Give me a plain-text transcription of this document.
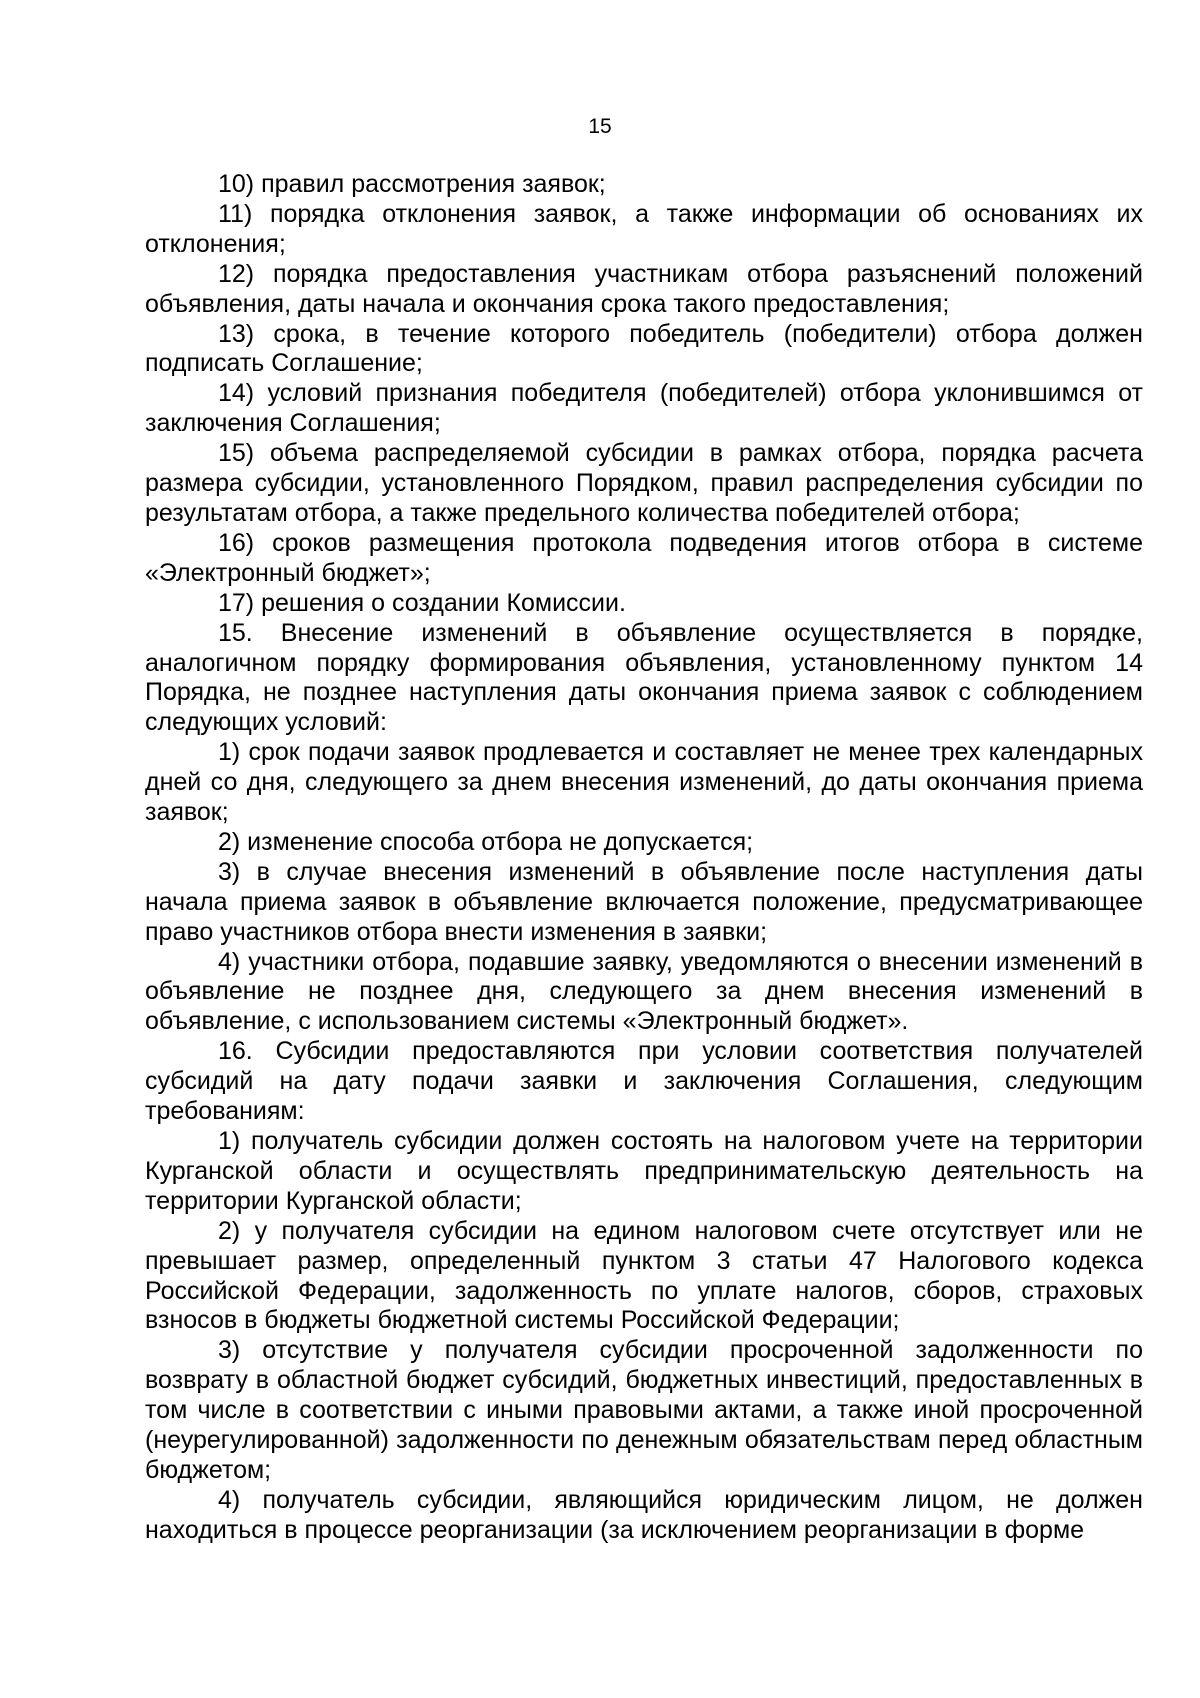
15

10) правил рассмотрения заявок;

11) порядка отклонения заявок, а также информации об основаниях их отклонения;

12) порядка предоставления участникам отбора разъяснений положений объявления, даты начала и окончания срока такого предоставления;

13) срока, в течение которого победитель (победители) отбора должен подписать Соглашение;

14) условий признания победителя (победителей) отбора уклонившимся от заключения Соглашения;

15) объема распределяемой субсидии в рамках отбора, порядка расчета размера субсидии, установленного Порядком, правил распределения субсидии по результатам отбора, а также предельного количества победителей отбора;

16) сроков размещения протокола подведения итогов отбора в системе «Электронный бюджет»;

17) решения о создании Комиссии.

15. Внесение изменений в объявление осуществляется в порядке, аналогичном порядку формирования объявления, установленному пунктом 14 Порядка, не позднее наступления даты окончания приема заявок с соблюдением следующих условий:

1) срок подачи заявок продлевается и составляет не менее трех календарных дней со дня, следующего за днем внесения изменений, до даты окончания приема заявок;

2) изменение способа отбора не допускается;

3) в случае внесения изменений в объявление после наступления даты начала приема заявок в объявление включается положение, предусматривающее право участников отбора внести изменения в заявки;

4) участники отбора, подавшие заявку, уведомляются о внесении изменений в объявление не позднее дня, следующего за днем внесения изменений в объявление, с использованием системы «Электронный бюджет».

16. Субсидии предоставляются при условии соответствия получателей субсидий на дату подачи заявки и заключения Соглашения, следующим требованиям:

1) получатель субсидии должен состоять на налоговом учете на территории Курганской области и осуществлять предпринимательскую деятельность на территории Курганской области;

2) у получателя субсидии на едином налоговом счете отсутствует или не превышает размер, определенный пунктом 3 статьи 47 Налогового кодекса Российской Федерации, задолженность по уплате налогов, сборов, страховых взносов в бюджеты бюджетной системы Российской Федерации;

3) отсутствие у получателя субсидии просроченной задолженности по возврату в областной бюджет субсидий, бюджетных инвестиций, предоставленных в том числе в соответствии с иными правовыми актами, а также иной просроченной (неурегулированной) задолженности по денежным обязательствам перед областным бюджетом;

4) получатель субсидии, являющийся юридическим лицом, не должен находиться в процессе реорганизации (за исключением реорганизации в форме
